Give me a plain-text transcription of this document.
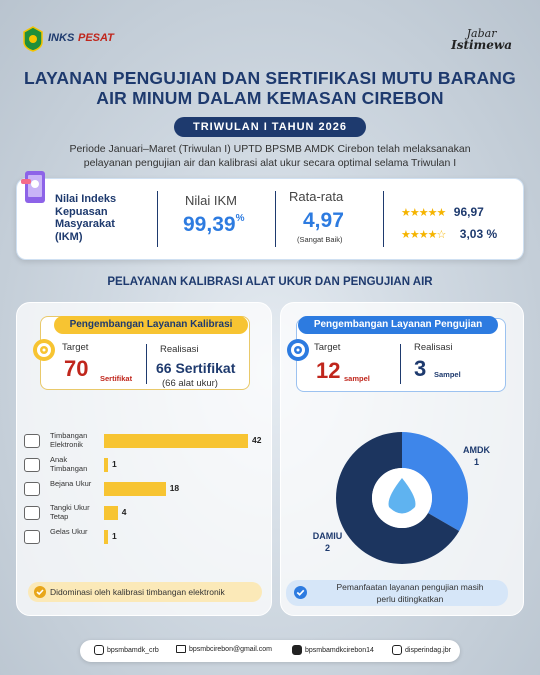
INKS PESAT	Jabar
Istimewa
LAYANAN PENGUJIAN DAN SERTIFIKASI MUTU BARANG
AIR MINUM DALAM KEMASAN CIREBON
TRIWULAN I TAHUN 2026
Periode Januari–Maret (Triwulan I) UPTD BPSMB AMDK Cirebon telah melaksanakan
pelayanan pengujian air dan kalibrasi alat ukur secara optimal selama Triwulan I
Nilai Indeks
Kepuasan
Masyarakat
(IKM)
Nilai IKM
99,39%
Rata-rata
4,97
(Sangat Baik)
★★★★★ 96,97
★★★★☆ 3,03 %
PELAYANAN KALIBRASI ALAT UKUR DAN PENGUJIAN AIR
Pengembangan Layanan Kalibrasi
Target
70 Sertifikat
Realisasi
66 Sertifikat
(66 alat ukur)
Timbangan Elektronik	42
Anak Timbangan	1
Bejana Ukur	18
Tangki Ukur Tetap	4
Gelas Ukur	1
Didominasi oleh kalibrasi timbangan elektronik
Pengembangan Layanan Pengujian
Target
12 sampel
Realisasi
3 Sampel
AMDK
1
DAMIU
2
Pemanfaatan layanan pengujian masih
perlu ditingkatkan
bpsmbamdk_crb	bpsmbcirebon@gmail.com	bpsmbamdkcirebon14	disperindag.jbr
